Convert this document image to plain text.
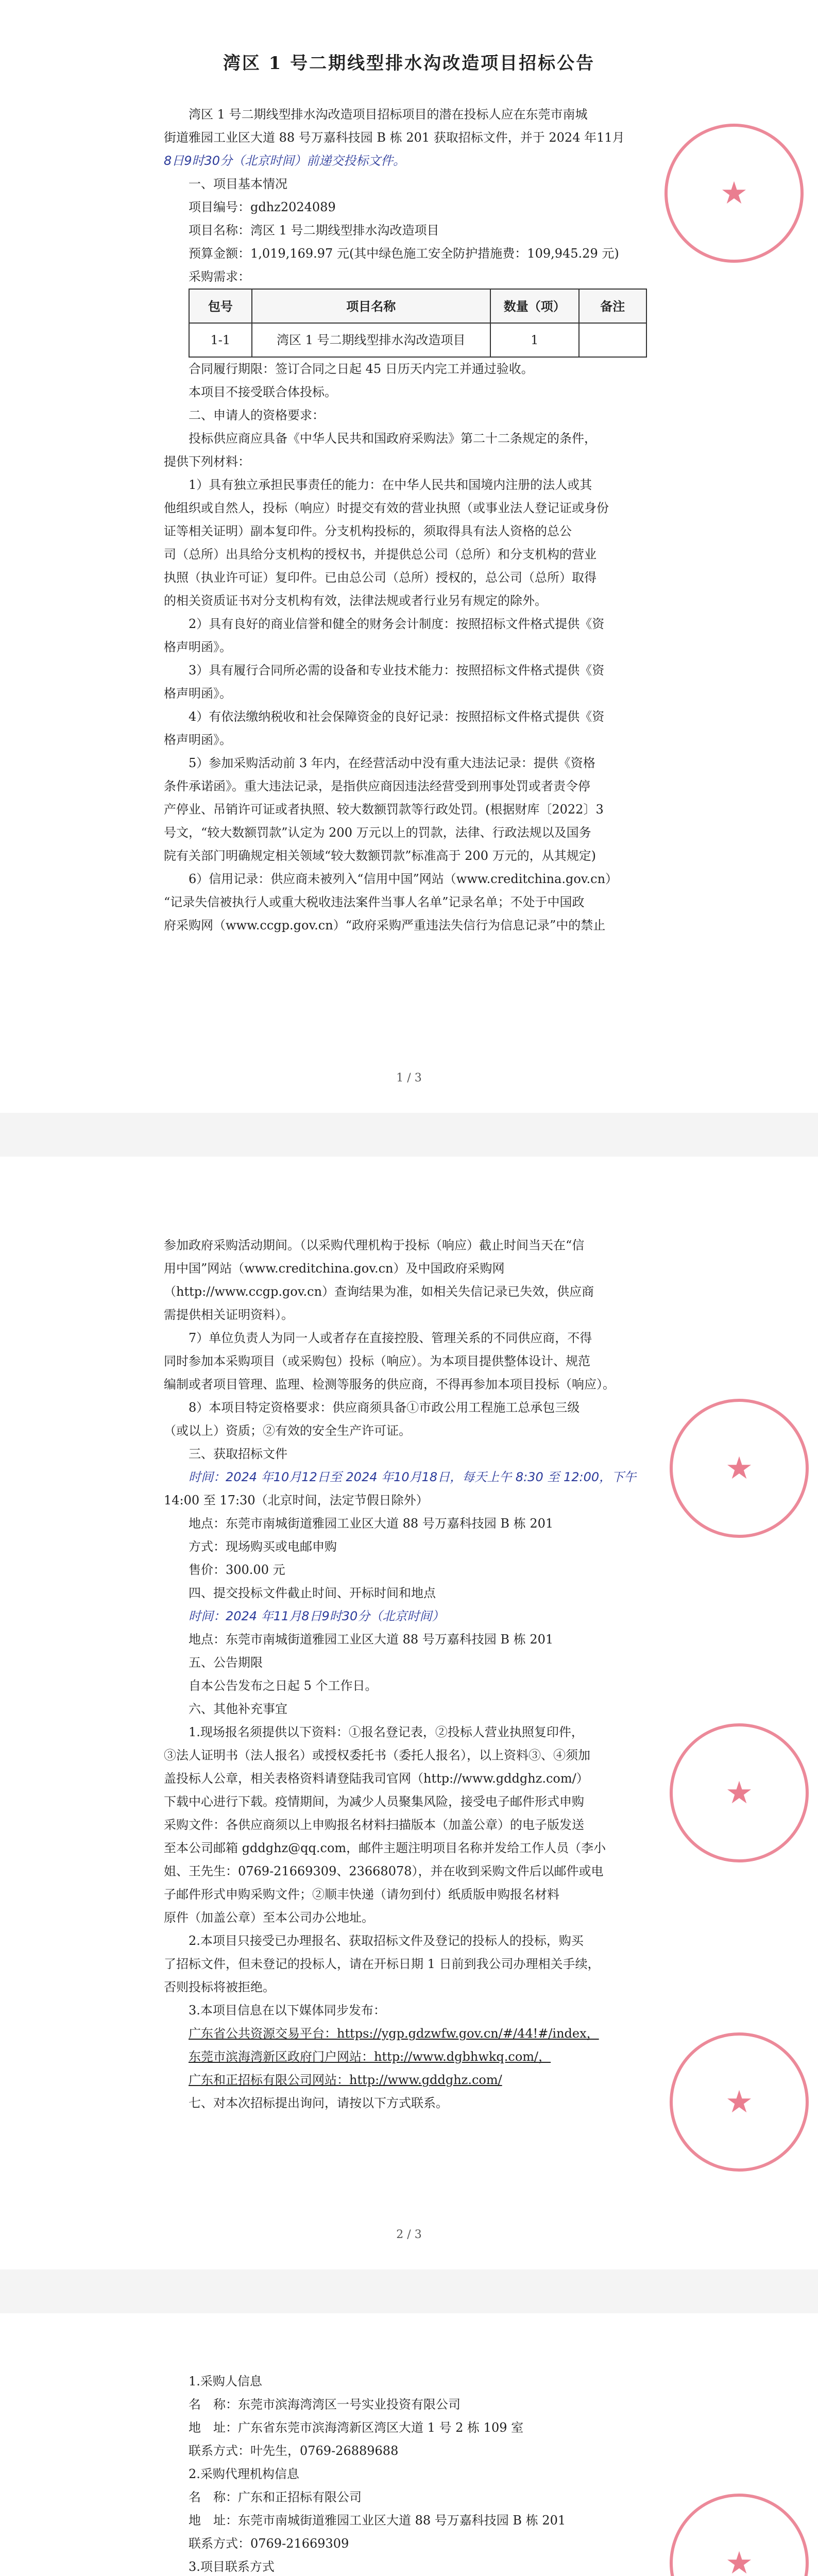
湾区 1 号二期线型排水沟改造项目招标公告
湾区 1 号二期线型排水沟改造项目招标项目的潜在投标人应在东莞市南城
街道雅园工业区大道 88 号万嘉科技园 B 栋 201 获取招标文件，并于 2024 年11月
8日9时30分（北京时间）前递交投标文件。
一、项目基本情况
项目编号：gdhz2024089
项目名称：湾区 1 号二期线型排水沟改造项目
预算金额：1,019,169.97 元(其中绿色施工安全防护措施费：109,945.29 元)
采购需求：
包号	项目名称	数量（项）	备注
1-1	湾区 1 号二期线型排水沟改造项目	1	
合同履行期限：签订合同之日起 45 日历天内完工并通过验收。
本项目不接受联合体投标。
二、申请人的资格要求：
投标供应商应具备《中华人民共和国政府采购法》第二十二条规定的条件，
提供下列材料：
1）具有独立承担民事责任的能力：在中华人民共和国境内注册的法人或其
他组织或自然人，投标（响应）时提交有效的营业执照（或事业法人登记证或身份
证等相关证明）副本复印件。分支机构投标的，须取得具有法人资格的总公
司（总所）出具给分支机构的授权书，并提供总公司（总所）和分支机构的营业
执照（执业许可证）复印件。已由总公司（总所）授权的，总公司（总所）取得
的相关资质证书对分支机构有效，法律法规或者行业另有规定的除外。
2）具有良好的商业信誉和健全的财务会计制度：按照招标文件格式提供《资
格声明函》。
3）具有履行合同所必需的设备和专业技术能力：按照招标文件格式提供《资
格声明函》。
4）有依法缴纳税收和社会保障资金的良好记录：按照招标文件格式提供《资
格声明函》。
5）参加采购活动前 3 年内，在经营活动中没有重大违法记录：提供《资格
条件承诺函》。重大违法记录，是指供应商因违法经营受到刑事处罚或者责令停
产停业、吊销许可证或者执照、较大数额罚款等行政处罚。(根据财库〔2022〕3
号文，“较大数额罚款”认定为 200 万元以上的罚款，法律、行政法规以及国务
院有关部门明确规定相关领域“较大数额罚款”标准高于 200 万元的，从其规定)
6）信用记录：供应商未被列入“信用中国”网站（www.creditchina.gov.cn）
“记录失信被执行人或重大税收违法案件当事人名单”记录名单；不处于中国政
府采购网（www.ccgp.gov.cn）“政府采购严重违法失信行为信息记录”中的禁止
★
1 / 3
参加政府采购活动期间。（以采购代理机构于投标（响应）截止时间当天在“信
用中国”网站（www.creditchina.gov.cn）及中国政府采购网
（http://www.ccgp.gov.cn）查询结果为准，如相关失信记录已失效，供应商
需提供相关证明资料）。
7）单位负责人为同一人或者存在直接控股、管理关系的不同供应商，不得
同时参加本采购项目（或采购包）投标（响应）。为本项目提供整体设计、规范
编制或者项目管理、监理、检测等服务的供应商，不得再参加本项目投标（响应）。
8）本项目特定资格要求：供应商须具备①市政公用工程施工总承包三级
（或以上）资质；②有效的安全生产许可证。
三、获取招标文件
时间：2024 年10月12日至 2024 年10月18日，每天上午 8:30 至 12:00，下午
14:00 至 17:30（北京时间，法定节假日除外）
地点：东莞市南城街道雅园工业区大道 88 号万嘉科技园 B 栋 201
方式：现场购买或电邮申购
售价：300.00 元
四、提交投标文件截止时间、开标时间和地点
时间：2024 年11月8日9时30分（北京时间）
地点：东莞市南城街道雅园工业区大道 88 号万嘉科技园 B 栋 201
五、公告期限
自本公告发布之日起 5 个工作日。
六、其他补充事宜
1.现场报名须提供以下资料：①报名登记表，②投标人营业执照复印件，
③法人证明书（法人报名）或授权委托书（委托人报名），以上资料③、④须加
盖投标人公章，相关表格资料请登陆我司官网（http://www.gddghz.com/）
下载中心进行下载。疫情期间，为减少人员聚集风险，接受电子邮件形式申购
采购文件：各供应商须以上申购报名材料扫描版本（加盖公章）的电子版发送
至本公司邮箱 gddghz@qq.com，邮件主题注明项目名称并发给工作人员（李小
姐、王先生：0769-21669309、23668078），并在收到采购文件后以邮件或电
子邮件形式申购采购文件；②顺丰快递（请勿到付）纸质版申购报名材料
原件（加盖公章）至本公司办公地址。
2.本项目只接受已办理报名、获取招标文件及登记的投标人的投标，购买
了招标文件，但未登记的投标人，请在开标日期 1 日前到我公司办理相关手续，
否则投标将被拒绝。
3.本项目信息在以下媒体同步发布：
广东省公共资源交易平台：https://ygp.gdzwfw.gov.cn/#/44!#/index，
东莞市滨海湾新区政府门户网站：http://www.dgbhwkq.com/，
广东和正招标有限公司网站：http://www.gddghz.com/
七、对本次招标提出询问，请按以下方式联系。
★
★
★
2 / 3
1.采购人信息
名　称：东莞市滨海湾湾区一号实业投资有限公司
地　址：广东省东莞市滨海湾新区湾区大道 1 号 2 栋 109 室
联系方式：叶先生，0769-26889688
2.采购代理机构信息
名　称：广东和正招标有限公司
地　址：东莞市南城街道雅园工业区大道 88 号万嘉科技园 B 栋 201
联系方式：0769-21669309
3.项目联系方式
★
